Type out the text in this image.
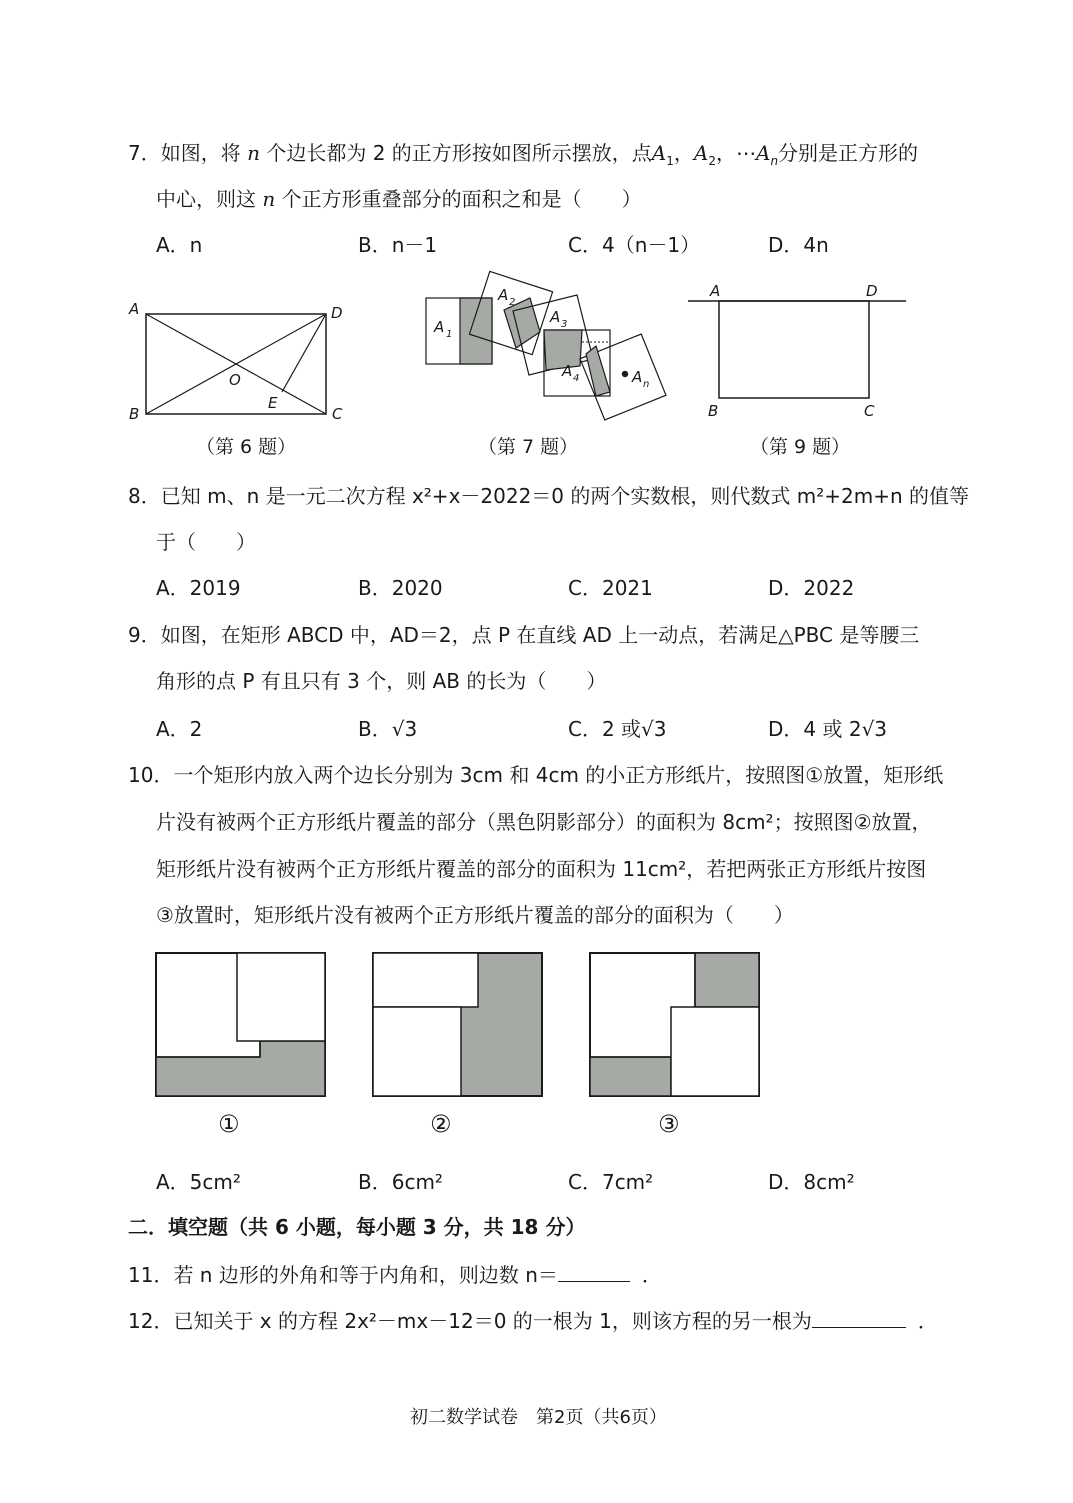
7．如图，将 n 个边长都为 2 的正方形按如图所示摆放，点$A_1$，$A_2$，$\cdots A_n$分别是正方形的
中心，则这 n 个正方形重叠部分的面积之和是（　　）
A．n	B．n－1	C．4（n－1）	D．4n
A
B	C
D
O
E
（第 6 题）
A 1
A 2
A 3
A 4	A n
（第 7 题）
A	D
B	C
（第 9 题）
8．已知 m、n 是一元二次方程 x²+x－2022＝0 的两个实数根，则代数式 m²+2m+n 的值等
于（　　）
A．2019	B．2020	C．2021	D．2022
9．如图，在矩形 ABCD 中，AD＝2，点 P 在直线 AD 上一动点，若满足△PBC 是等腰三
角形的点 P 有且只有 3 个，则 AB 的长为（　　）
A．2	B．√3	C．2 或√3	D．4 或 2√3
10．一个矩形内放入两个边长分别为 3cm 和 4cm 的小正方形纸片，按照图①放置，矩形纸
片没有被两个正方形纸片覆盖的部分（黑色阴影部分）的面积为 8cm²；按照图②放置，
矩形纸片没有被两个正方形纸片覆盖的部分的面积为 11cm²，若把两张正方形纸片按图
③放置时，矩形纸片没有被两个正方形纸片覆盖的部分的面积为（　　）
①	②	③
A．5cm²	B．6cm²	C．7cm²	D．8cm²
二．填空题（共 6 小题，每小题 3 分，共 18 分）
11．若 n 边形的外角和等于内角和，则边数 n＝	．
12．已知关于 x 的方程 2x²－mx－12＝0 的一根为 1，则该方程的另一根为	．
初二数学试卷　第2页（共6页）
